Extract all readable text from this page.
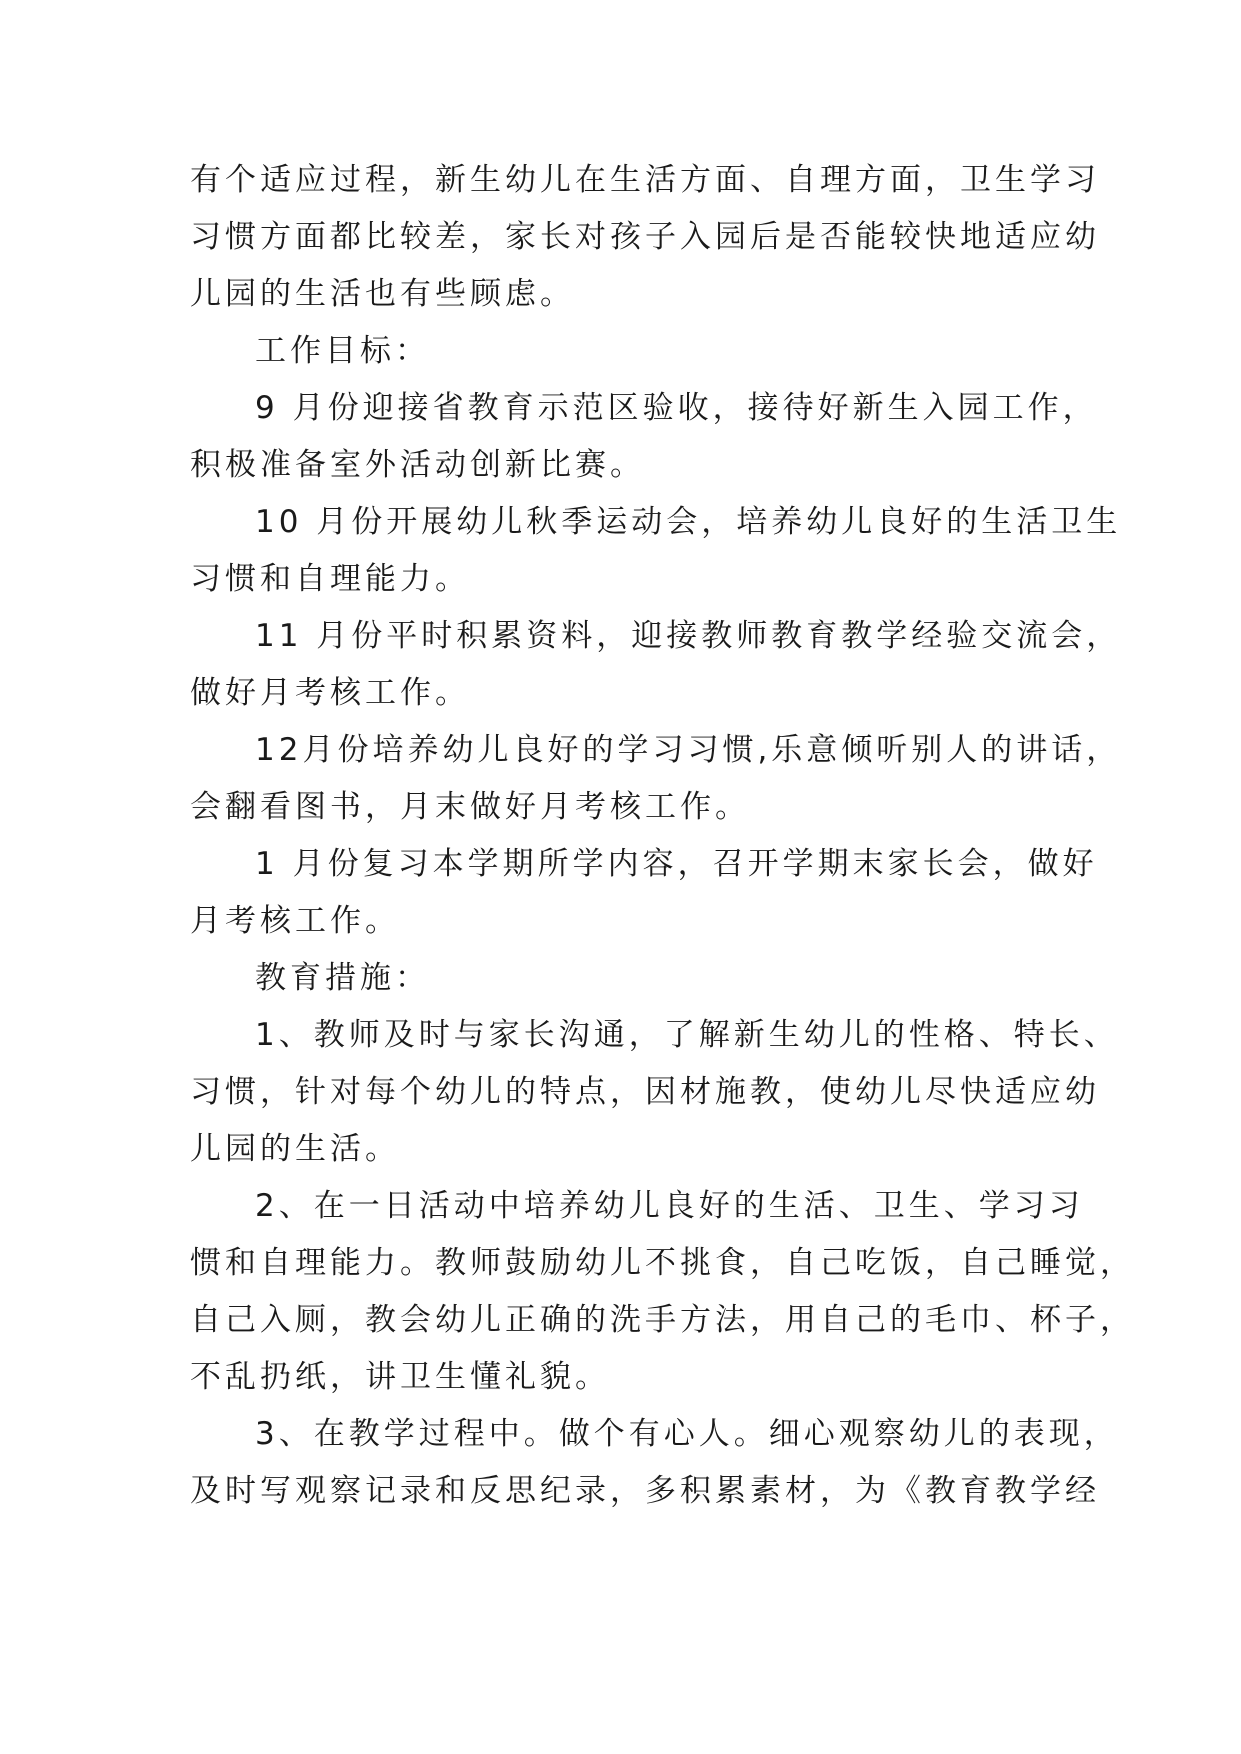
有个适应过程，新生幼儿在生活方面、自理方面，卫生学习
习惯方面都比较差，家长对孩子入园后是否能较快地适应幼
儿园的生活也有些顾虑。
工作目标：
9 月份迎接省教育示范区验收，接待好新生入园工作，
积极准备室外活动创新比赛。
10 月份开展幼儿秋季运动会，培养幼儿良好的生活卫生
习惯和自理能力。
11 月份平时积累资料，迎接教师教育教学经验交流会，
做好月考核工作。
12月份培养幼儿良好的学习习惯,乐意倾听别人的讲话，
会翻看图书，月末做好月考核工作。
1 月份复习本学期所学内容，召开学期末家长会，做好
月考核工作。
教育措施：
1、教师及时与家长沟通，了解新生幼儿的性格、特长、
习惯，针对每个幼儿的特点，因材施教，使幼儿尽快适应幼
儿园的生活。
2、在一日活动中培养幼儿良好的生活、卫生、学习习
惯和自理能力。教师鼓励幼儿不挑食，自己吃饭，自己睡觉，
自己入厕，教会幼儿正确的洗手方法，用自己的毛巾、杯子，
不乱扔纸，讲卫生懂礼貌。
3、在教学过程中。做个有心人。细心观察幼儿的表现，
及时写观察记录和反思纪录，多积累素材，为《教育教学经
